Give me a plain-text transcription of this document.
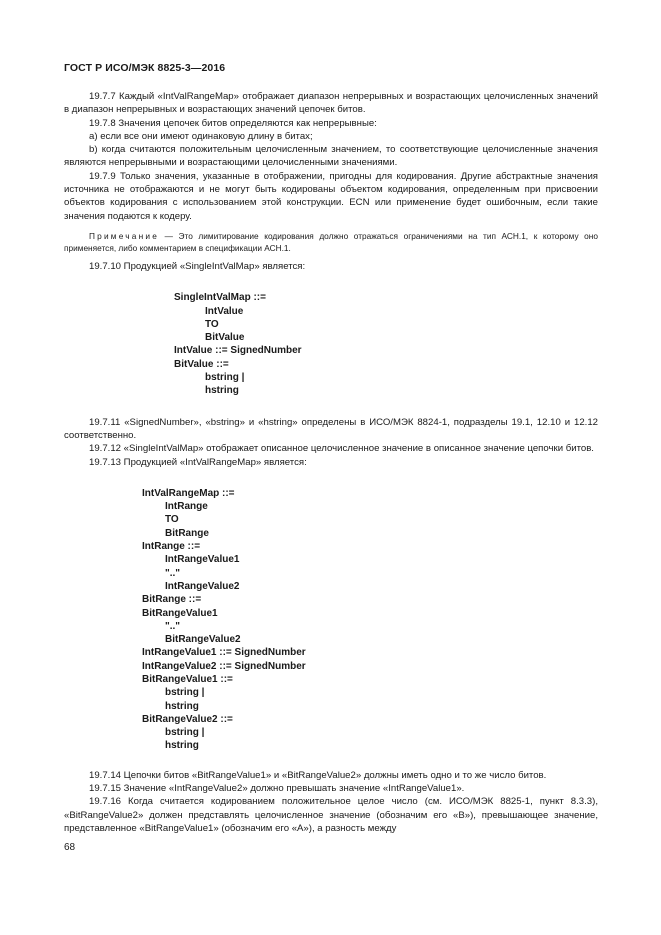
ГОСТ Р ИСО/МЭК 8825-3—2016

19.7.7 Каждый «IntValRangeMap» отображает диапазон непрерывных и возрастающих целочисленных значений в диапазон непрерывных и возрастающих значений цепочек битов.

19.7.8 Значения цепочек битов определяются как непрерывные:

а) если все они имеют одинаковую длину в битах;

b) когда считаются положительным целочисленным значением, то соответствующие целочисленные значения являются непрерывными и возрастающими целочисленными значениями.

19.7.9 Только значения, указанные в отображении, пригодны для кодирования. Другие абстрактные значения источника не отображаются и не могут быть кодированы объектом кодирования, определенным при присвоении объектов кодирования с использованием этой конструкции. ECN или применение будет ошибочным, если такие значения подаются к кодеру.

Примечание — Это лимитирование кодирования должно отражаться ограничениями на тип АСН.1, к которому оно применяется, либо комментарием в спецификации АСН.1.

19.7.10 Продукцией «SingleIntValMap» является:

SingleIntValMap ::=
IntValue
TO
BitValue
IntValue ::= SignedNumber
BitValue ::=
bstring |
hstring

19.7.11 «SignedNumber», «bstring» и «hstring» определены в ИСО/МЭК 8824-1, подразделы 19.1, 12.10 и 12.12 соответственно.

19.7.12 «SingleIntValMap» отображает описанное целочисленное значение в описанное значение цепочки битов.

19.7.13 Продукцией «IntValRangeMap» является:

IntValRangeMap ::=
IntRange
TO
BitRange
IntRange ::=
IntRangeValue1
".."
IntRangeValue2
BitRange ::=
BitRangeValue1
".."
BitRangeValue2
IntRangeValue1 ::= SignedNumber
IntRangeValue2 ::= SignedNumber
BitRangeValue1 ::=
bstring |
hstring
BitRangeValue2 ::=
bstring |
hstring

19.7.14 Цепочки битов «BitRangeValue1» и «BitRangeValue2» должны иметь одно и то же число битов.

19.7.15 Значение «IntRangeValue2» должно превышать значение «IntRangeValue1».

19.7.16 Когда считается кодированием положительное целое число (см. ИСО/МЭК 8825-1, пункт 8.3.3), «BitRangeValue2» должен представлять целочисленное значение (обозначим его «B»), превышающее значение, представленное «BitRangeValue1» (обозначим его «A»), а разность между

68
